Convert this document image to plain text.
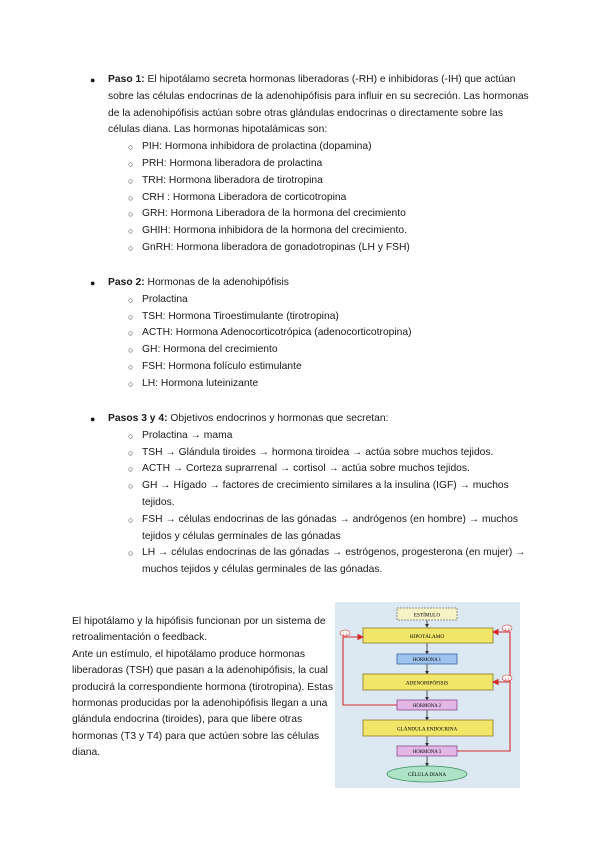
● Paso 1: El hipotálamo secreta hormonas liberadoras (-RH) e inhibidoras (-IH) que actúan sobre las células endocrinas de la adenohipófisis para influir en su secreción. Las hormonas de la adenohipófisis actúan sobre otras glándulas endocrinas o directamente sobre las células diana. Las hormonas hipotalámicas son:
○ PIH: Hormona inhibidora de prolactina (dopamina)
○ PRH: Hormona liberadora de prolactina
○ TRH: Hormona liberadora de tirotropina
○ CRH : Hormona Liberadora de corticotropina
○ GRH: Hormona Liberadora de la hormona del crecimiento
○ GHIH: Hormona inhibidora de la hormona del crecimiento.
○ GnRH: Hormona liberadora de gonadotropinas (LH y FSH)
● Paso 2: Hormonas de la adenohipófisis
○ Prolactina
○ TSH: Hormona Tiroestimulante (tirotropina)
○ ACTH: Hormona Adenocorticotrópica (adenocorticotropina)
○ GH: Hormona del crecimiento
○ FSH: Hormona folículo estimulante
○ LH: Hormona luteinizante
● Pasos 3 y 4: Objetivos endocrinos y hormonas que secretan:
○ Prolactina → mama
○ TSH → Glándula tiroides → hormona tiroidea → actúa sobre muchos tejidos.
○ ACTH → Corteza suprarrenal → cortisol → actúa sobre muchos tejidos.
○ GH → Hígado → factores de crecimiento similares a la insulina (IGF) → muchos tejidos.
○ FSH → células endocrinas de las gónadas → andrógenos (en hombre) → muchos tejidos y células germinales de las gónadas
○ LH → células endocrinas de las gónadas → estrógenos, progesterona (en mujer) → muchos tejidos y células germinales de las gónadas.
El hipotálamo y la hipófisis funcionan por un sistema de retroalimentación o feedback.
Ante un estímulo, el hipotálamo produce hormonas liberadoras (TSH) que pasan a la adenohipófisis, la cual producirá la correspondiente hormona (tirotropina). Estas hormonas producidas por la adenohipófisis llegan a una glándula endocrina (tiroides), para que libere otras hormonas (T3 y T4) para que actúen sobre las células diana.
ESTÍMULO
HIPOTÁLAMO
HORMONA 1
ADENOHIPÓFISIS
HORMONA 2
GLÁNDULA ENDOCRINA
HORMONA 3
CÉLULA DIANA
(-)
(-)
(-)
